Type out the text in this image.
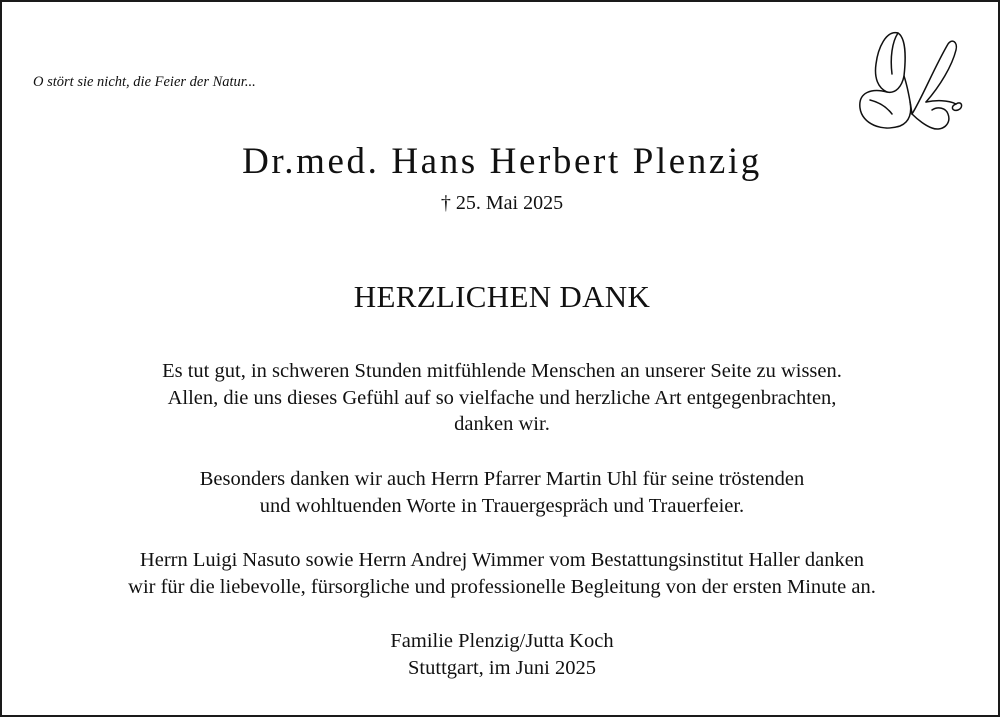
O stört sie nicht, die Feier der Natur...
Dr.med. Hans Herbert Plenzig
† 25. Mai 2025
HERZLICHEN DANK
Es tut gut, in schweren Stunden mitfühlende Menschen an unserer Seite zu wissen.
Allen, die uns dieses Gefühl auf so vielfache und herzliche Art entgegenbrachten,
danken wir.
Besonders danken wir auch Herrn Pfarrer Martin Uhl für seine tröstenden
und wohltuenden Worte in Trauergespräch und Trauerfeier.
Herrn Luigi Nasuto sowie Herrn Andrej Wimmer vom Bestattungsinstitut Haller danken
wir für die liebevolle, fürsorgliche und professionelle Begleitung von der ersten Minute an.
Familie Plenzig/Jutta Koch
Stuttgart, im Juni 2025
